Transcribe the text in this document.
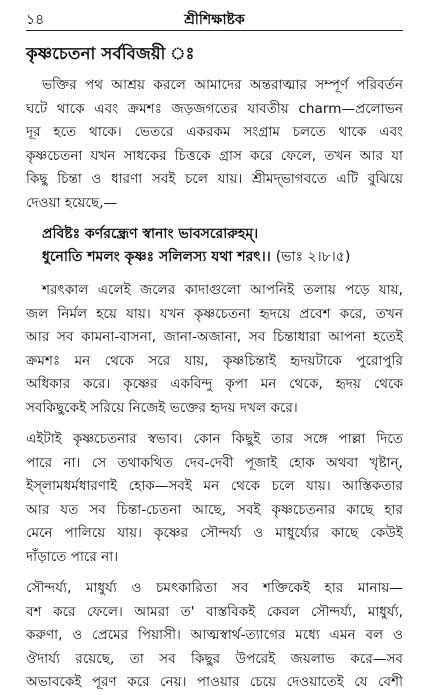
১৪	শ্রীশিক্ষাষ্টক
কৃষ্ণচেতনা সর্ববিজয়ী ঃ
ভক্তির পথ আশ্রয় করলে আমাদের অন্তরাত্মার সম্পূর্ণ পরিবর্তন
ঘটে থাকে এবং ক্রমশঃ জড়জগতের যাবতীয় charm—প্রলোভন
দূর হতে থাকে। ভেতরে একরকম সংগ্রাম চলতে থাকে এবং
কৃষ্ণচেতনা যখন সাধকের চিত্তকে গ্রাস করে ফেলে, তখন আর যা
কিছু চিন্তা ও ধারণা সবই চলে যায়। শ্রীমদ্‌ভাগবতে এটি বুঝিয়ে
দেওয়া হয়েছে,—
প্রবিষ্টঃ কর্ণরন্ধ্রেণ স্বানাং ভাবসরোরুহম্‌।
ধুনোতি শমলং কৃষ্ণঃ সলিলস্য যথা শরৎ।। (ভাঃ ২।৮।৫)
শরৎকাল এলেই জলের কাদাগুলো আপনিই তলায় পড়ে যায়,
জল নির্মল হয়ে যায়। যখন কৃষ্ণচেতনা হৃদয়ে প্রবেশ করে, তখন
আর সব কামনা-বাসনা, জানা-অজানা, সব চিন্তাধারা আপনা হতেই
ক্রমশঃ মন থেকে সরে যায়, কৃষ্ণচিন্তাই হৃদয়টাকে পুরোপুরি
অধিকার করে। কৃষ্ণের একবিন্দু কৃপা মন থেকে, হৃদয় থেকে
সবকিছুকেই সরিয়ে নিজেই ভক্তের হৃদয় দখল করে।
এইটাই কৃষ্ণচেতনার স্বভাব। কোন কিছুই তার সঙ্গে পাল্লা দিতে
পারে না। সে তথাকথিত দেব-দেবী পূজাই হোক অথবা খৃষ্টান্‌,
ইস্‌লামধর্মধারণাই হোক—সবই মন থেকে চলে যায়। আস্তিকতার
আর যত সব চিন্তা-চেতনা আছে, সবই কৃষ্ণচেতনার কাছে হার
মেনে পালিয়ে যায়। কৃষ্ণের সৌন্দর্য্য ও মাধুর্য্যের কাছে কেউই
দাঁড়াতে পারে না।
সৌন্দর্য্য, মাধুর্য্য ও চমৎকারিতা সব শক্তিকেই হার মানায়—
বশ করে ফেলে। আমরা ত' বাস্তবিকই কেবল সৌন্দর্য্য, মাধুর্য্য,
করুণা, ও প্রেমের পিয়াসী। আত্মস্বার্থ-ত্যাগের মধ্যে এমন বল ও
ঔদার্য্য রয়েছে, তা সব কিছুর উপরেই জয়লাভ করে—সব
অভাবকেই পূরণ করে নেয়। পাওয়ার চেয়ে দেওয়াতেই যে বেশী
